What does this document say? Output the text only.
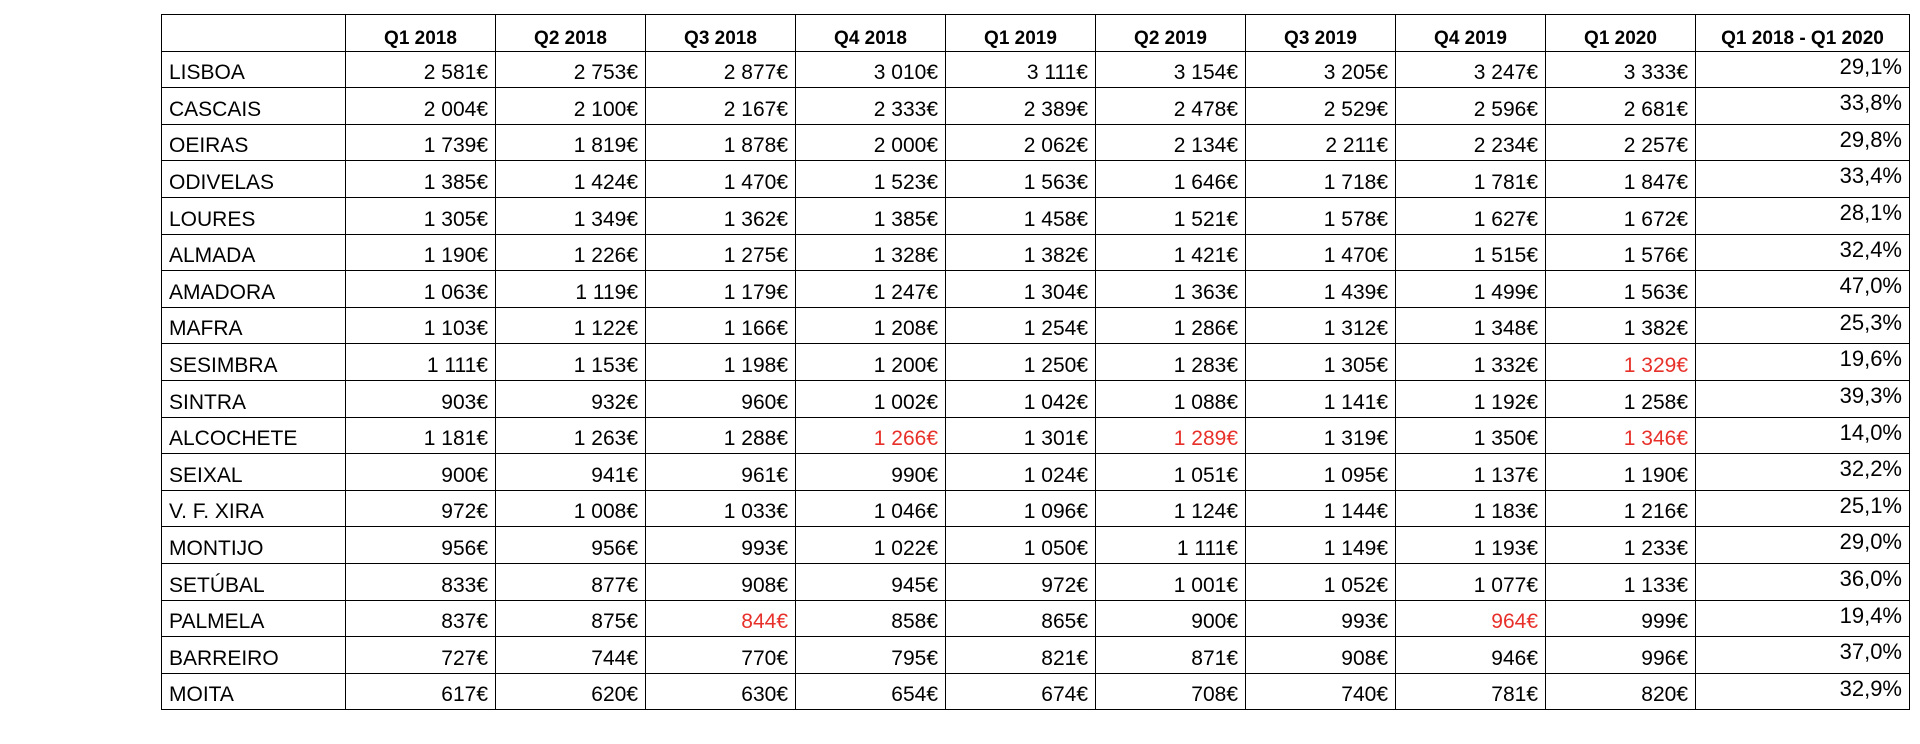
	Q1 2018	Q2 2018	Q3 2018	Q4 2018	Q1 2019	Q2 2019	Q3 2019	Q4 2019	Q1 2020	Q1 2018 - Q1 2020
LISBOA	2 581€	2 753€	2 877€	3 010€	3 111€	3 154€	3 205€	3 247€	3 333€	29,1%
CASCAIS	2 004€	2 100€	2 167€	2 333€	2 389€	2 478€	2 529€	2 596€	2 681€	33,8%
OEIRAS	1 739€	1 819€	1 878€	2 000€	2 062€	2 134€	2 211€	2 234€	2 257€	29,8%
ODIVELAS	1 385€	1 424€	1 470€	1 523€	1 563€	1 646€	1 718€	1 781€	1 847€	33,4%
LOURES	1 305€	1 349€	1 362€	1 385€	1 458€	1 521€	1 578€	1 627€	1 672€	28,1%
ALMADA	1 190€	1 226€	1 275€	1 328€	1 382€	1 421€	1 470€	1 515€	1 576€	32,4%
AMADORA	1 063€	1 119€	1 179€	1 247€	1 304€	1 363€	1 439€	1 499€	1 563€	47,0%
MAFRA	1 103€	1 122€	1 166€	1 208€	1 254€	1 286€	1 312€	1 348€	1 382€	25,3%
SESIMBRA	1 111€	1 153€	1 198€	1 200€	1 250€	1 283€	1 305€	1 332€	1 329€	19,6%
SINTRA	903€	932€	960€	1 002€	1 042€	1 088€	1 141€	1 192€	1 258€	39,3%
ALCOCHETE	1 181€	1 263€	1 288€	1 266€	1 301€	1 289€	1 319€	1 350€	1 346€	14,0%
SEIXAL	900€	941€	961€	990€	1 024€	1 051€	1 095€	1 137€	1 190€	32,2%
V. F. XIRA	972€	1 008€	1 033€	1 046€	1 096€	1 124€	1 144€	1 183€	1 216€	25,1%
MONTIJO	956€	956€	993€	1 022€	1 050€	1 111€	1 149€	1 193€	1 233€	29,0%
SETÚBAL	833€	877€	908€	945€	972€	1 001€	1 052€	1 077€	1 133€	36,0%
PALMELA	837€	875€	844€	858€	865€	900€	993€	964€	999€	19,4%
BARREIRO	727€	744€	770€	795€	821€	871€	908€	946€	996€	37,0%
MOITA	617€	620€	630€	654€	674€	708€	740€	781€	820€	32,9%
